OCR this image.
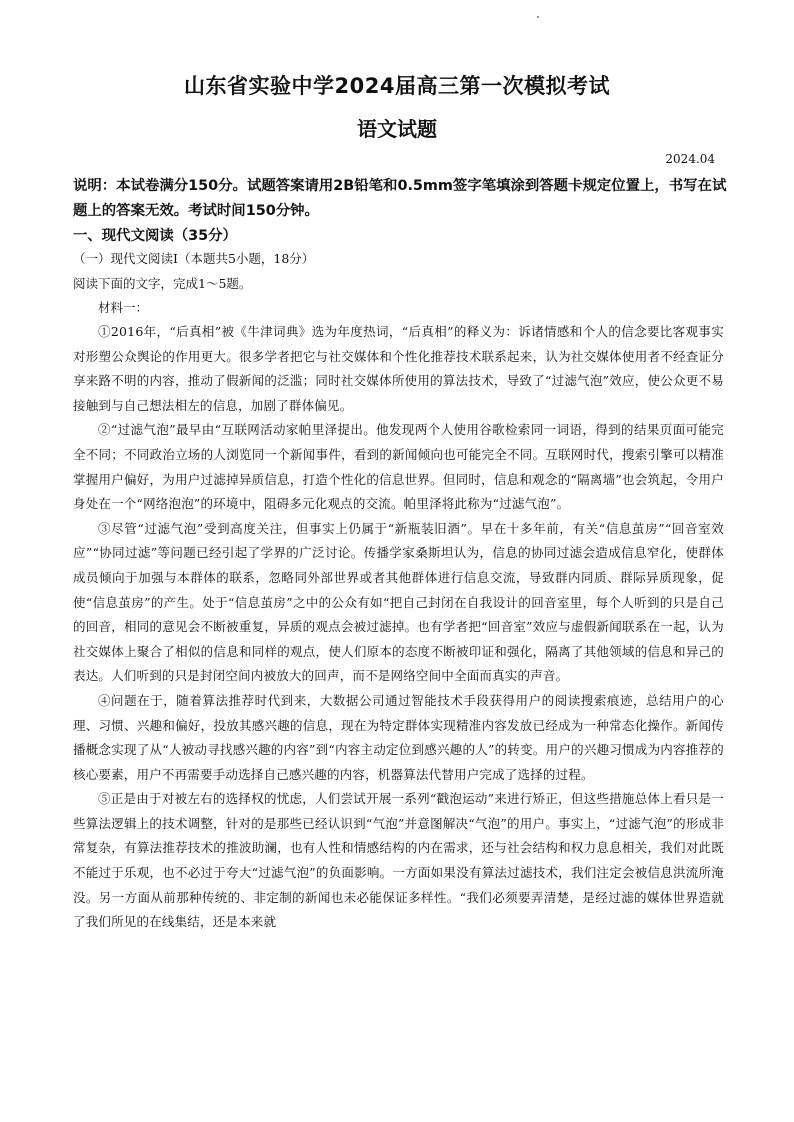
山东省实验中学2024届高三第一次模拟考试
语文试题
2024.04
说明：本试卷满分150分。试题答案请用2B铅笔和0.5mm签字笔填涂到答题卡规定位置上，书写在试题上的答案无效。考试时间150分钟。
一、现代文阅读（35分）
（一）现代文阅读Ⅰ（本题共5小题，18分）
阅读下面的文字，完成1～5题。
材料一：

①2016年，“后真相”被《牛津词典》选为年度热词，“后真相”的释义为：诉诸情感和个人的信念要比客观事实对形塑公众舆论的作用更大。很多学者把它与社交媒体和个性化推荐技术联系起来，认为社交媒体使用者不经查证分享来路不明的内容，推动了假新闻的泛滥；同时社交媒体所使用的算法技术，导致了“过滤气泡”效应，使公众更不易接触到与自己想法相左的信息，加剧了群体偏见。

②“过滤气泡”最早由“互联网活动家帕里泽提出。他发现两个人使用谷歌检索同一词语，得到的结果页面可能完全不同；不同政治立场的人浏览同一个新闻事件，看到的新闻倾向也可能完全不同。互联网时代，搜索引擎可以精准掌握用户偏好，为用户过滤掉异质信息，打造个性化的信息世界。但同时，信息和观念的“隔离墙”也会筑起，令用户身处在一个“网络泡泡”的环境中，阻碍多元化观点的交流。帕里泽将此称为“过滤气泡”。

③尽管“过滤气泡”受到高度关注，但事实上仍属于“新瓶装旧酒”。早在十多年前，有关“信息茧房”“回音室效应”“协同过滤”等问题已经引起了学界的广泛讨论。传播学家桑斯坦认为，信息的协同过滤会造成信息窄化，使群体成员倾向于加强与本群体的联系，忽略同外部世界或者其他群体进行信息交流，导致群内同质、群际异质现象，促使“信息茧房”的产生。处于“信息茧房”之中的公众有如“把自己封闭在自我设计的回音室里，每个人听到的只是自己的回音，相同的意见会不断被重复，异质的观点会被过滤掉。也有学者把“回音室”效应与虚假新闻联系在一起，认为社交媒体上聚合了相似的信息和同样的观点，使人们原本的态度不断被印证和强化，隔离了其他领域的信息和异己的表达。人们听到的只是封闭空间内被放大的回声，而不是网络空间中全面而真实的声音。

④问题在于，随着算法推荐时代到来，大数据公司通过智能技术手段获得用户的阅读搜索痕迹，总结用户的心理、习惯、兴趣和偏好，投放其感兴趣的信息，现在为特定群体实现精准内容发放已经成为一种常态化操作。新闻传播概念实现了从“人被动寻找感兴趣的内容”到“内容主动定位到感兴趣的人”的转变。用户的兴趣习惯成为内容推荐的核心要素，用户不再需要手动选择自己感兴趣的内容，机器算法代替用户完成了选择的过程。

⑤正是由于对被左右的选择权的忧虑，人们尝试开展一系列“戳泡运动”来进行矫正，但这些措施总体上看只是一些算法逻辑上的技术调整，针对的是那些已经认识到“气泡”并意图解决“气泡”的用户。事实上，“过滤气泡”的形成非常复杂，有算法推荐技术的推波助澜，也有人性和情感结构的内在需求，还与社会结构和权力息息相关，我们对此既不能过于乐观，也不必过于夸大“过滤气泡”的负面影响。一方面如果没有算法过滤技术，我们注定会被信息洪流所淹没。另一方面从前那种传统的、非定制的新闻也未必能保证多样性。“我们必须要弄清楚，是经过滤的媒体世界造就了我们所见的在线集结，还是本来就
